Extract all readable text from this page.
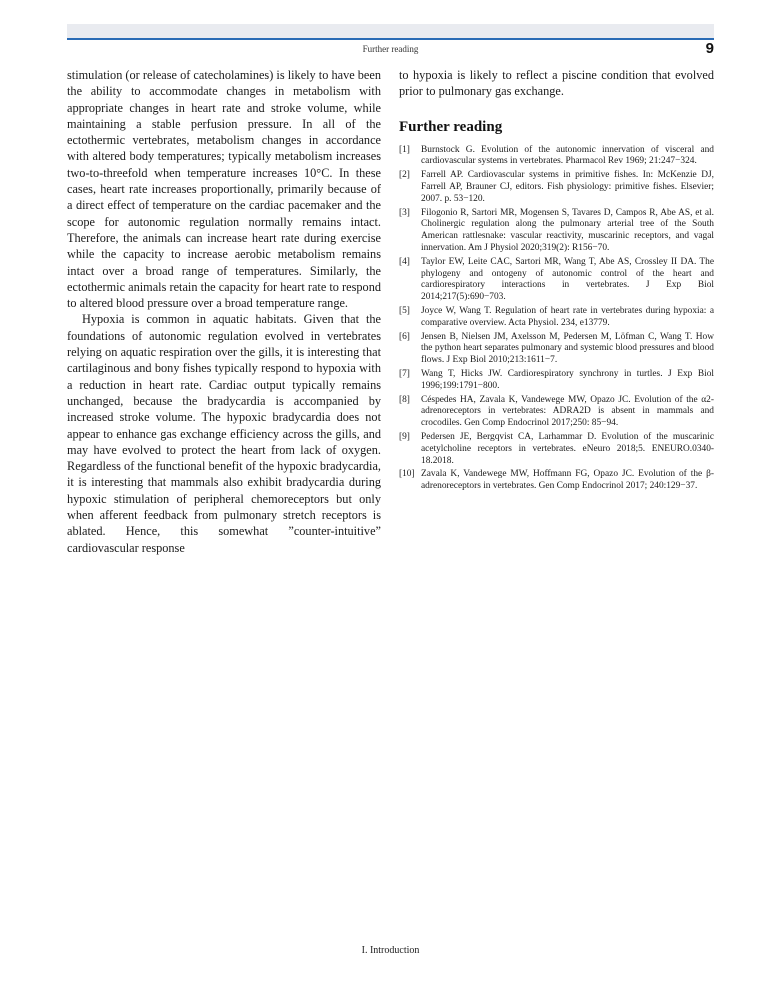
Further reading	9

stimulation (or release of catecholamines) is likely to have been the ability to accommodate changes in metabolism with appropriate changes in heart rate and stroke volume, while maintaining a stable perfusion pressure. In all of the ectothermic vertebrates, metabolism changes in accordance with altered body temperatures; typically metabolism increases two-to-threefold when temperature increases 10°C. In these cases, heart rate increases proportionally, primarily because of a direct effect of temperature on the cardiac pacemaker and the scope for autonomic regulation normally remains intact. Therefore, the animals can increase heart rate during exercise while the capacity to increase aerobic metabolism remains intact over a broad range of temperatures. Similarly, the ectothermic animals retain the capacity for heart rate to respond to altered blood pressure over a broad temperature range.

Hypoxia is common in aquatic habitats. Given that the foundations of autonomic regulation evolved in vertebrates relying on aquatic respiration over the gills, it is interesting that cartilaginous and bony fishes typically respond to hypoxia with a reduction in heart rate. Cardiac output typically remains unchanged, because the bradycardia is accompanied by increased stroke volume. The hypoxic bradycardia does not appear to enhance gas exchange efficiency across the gills, and may have evolved to protect the heart from lack of oxygen. Regardless of the functional benefit of the hypoxic bradycardia, it is interesting that mammals also exhibit bradycardia during hypoxic stimulation of peripheral chemoreceptors but only when afferent feedback from pulmonary stretch receptors is ablated. Hence, this somewhat ”counter-intuitive” cardiovascular response

to hypoxia is likely to reflect a piscine condition that evolved prior to pulmonary gas exchange.

Further reading
[1]	Burnstock G. Evolution of the autonomic innervation of visceral and cardiovascular systems in vertebrates. Pharmacol Rev 1969; 21:247−324.
[2]	Farrell AP. Cardiovascular systems in primitive fishes. In: McKenzie DJ, Farrell AP, Brauner CJ, editors. Fish physiology: primitive fishes. Elsevier; 2007. p. 53−120.
[3]	Filogonio R, Sartori MR, Mogensen S, Tavares D, Campos R, Abe AS, et al. Cholinergic regulation along the pulmonary arterial tree of the South American rattlesnake: vascular reactivity, muscarinic receptors, and vagal innervation. Am J Physiol 2020;319(2): R156−70.
[4]	Taylor EW, Leite CAC, Sartori MR, Wang T, Abe AS, Crossley II DA. The phylogeny and ontogeny of autonomic control of the heart and cardiorespiratory interactions in vertebrates. J Exp Biol 2014;217(5):690−703.
[5]	Joyce W, Wang T. Regulation of heart rate in vertebrates during hypoxia: a comparative overview. Acta Physiol. 234, e13779.
[6]	Jensen B, Nielsen JM, Axelsson M, Pedersen M, Löfman C, Wang T. How the python heart separates pulmonary and systemic blood pressures and blood flows. J Exp Biol 2010;213:1611−7.
[7]	Wang T, Hicks JW. Cardiorespiratory synchrony in turtles. J Exp Biol 1996;199:1791−800.
[8]	Céspedes HA, Zavala K, Vandewege MW, Opazo JC. Evolution of the α2-adrenoreceptors in vertebrates: ADRA2D is absent in mammals and crocodiles. Gen Comp Endocrinol 2017;250: 85−94.
[9]	Pedersen JE, Bergqvist CA, Larhammar D. Evolution of the muscarinic acetylcholine receptors in vertebrates. eNeuro 2018;5. ENEURO.0340-18.2018.
[10] Zavala K, Vandewege MW, Hoffmann FG, Opazo JC. Evolution of the β-adrenoreceptors in vertebrates. Gen Comp Endocrinol 2017; 240:129−37.
I. Introduction
